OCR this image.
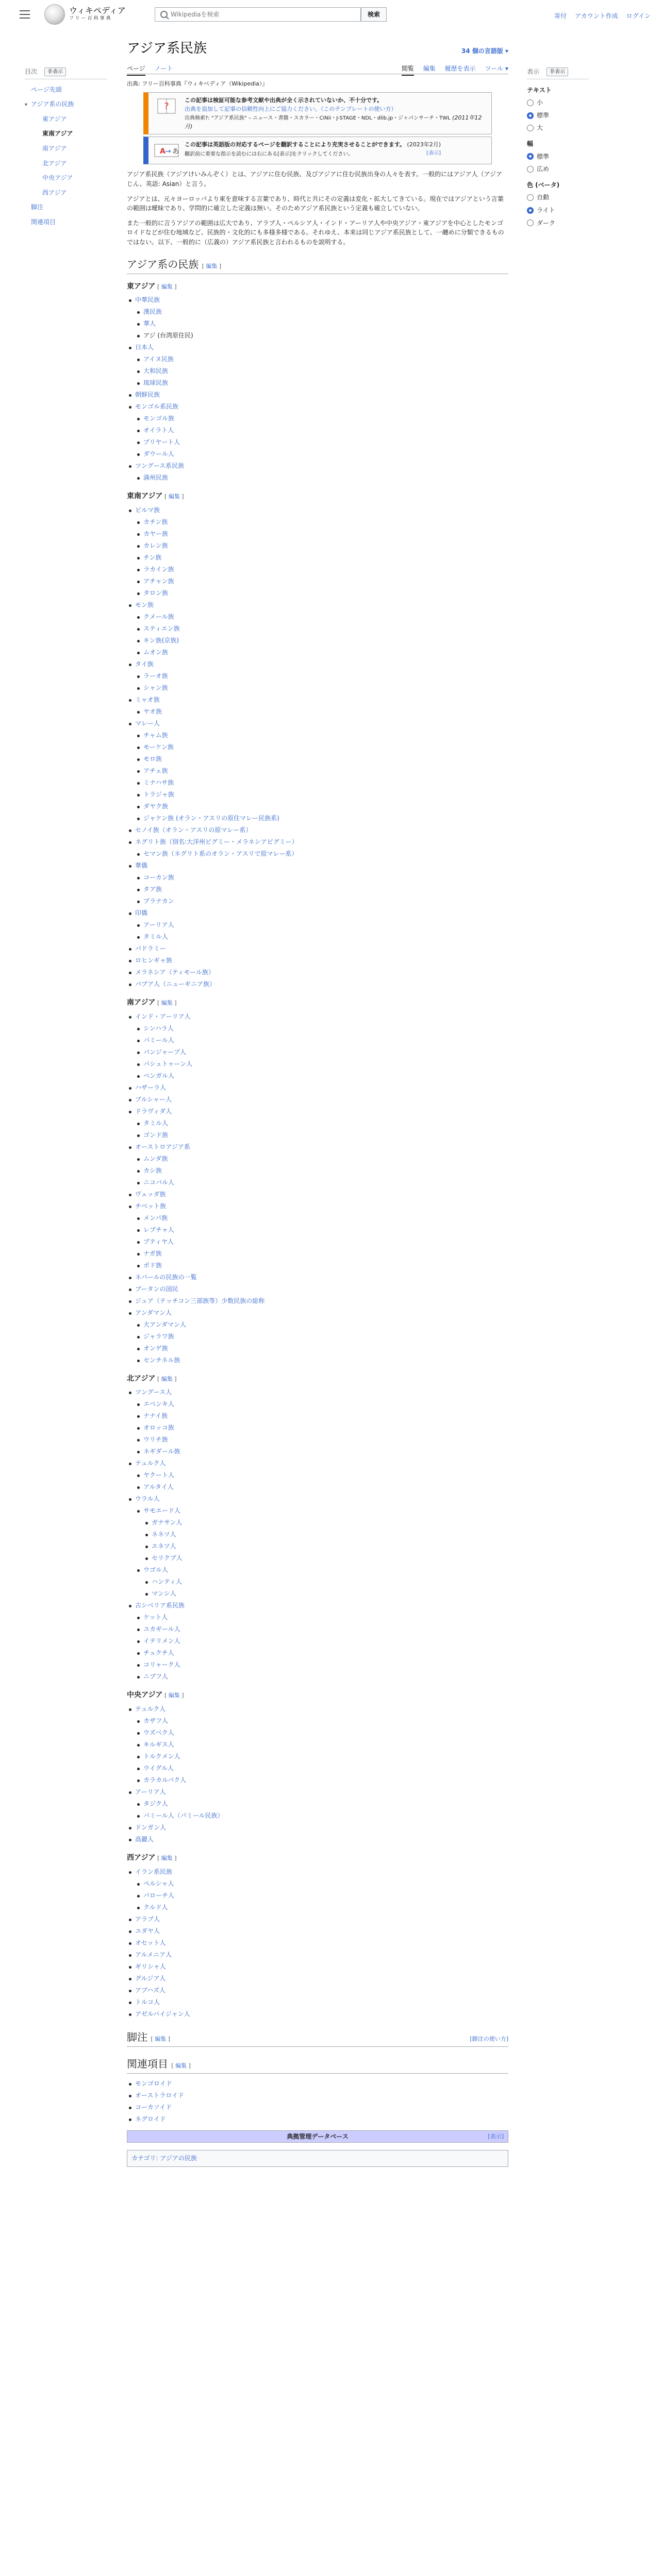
ウィキペディア
フリー百科事典
Wikipediaを検索
検索	寄付 アカウント作成 ログイン
目次	非表示
ページ先頭
▾ アジア系の民族
東アジア
東南アジア
南アジア
北アジア
中央アジア
西アジア
脚注
関連項目
アジア系民族	34 個の言語版 ▾
ページ ノート	閲覧 編集 履歴を表示 ツール ▾
出典: フリー百科事典『ウィキペディア（Wikipedia）』
?
この記事は検証可能な参考文献や出典が全く示されていないか、不十分です。
出典を追加して記事の信頼性向上にご協力ください。（このテンプレートの使い方）
出典検索?: "アジア系民族" – ニュース・書籍・スカラー・CiNii・J-STAGE・NDL・dlib.jp・ジャパンサーチ・TWL (2011年12月)
A → あ
この記事は英語版の対応するページを翻訳することにより充実させることができます。 (2023年2月)
翻訳前に重要な指示を読むには右にある[表示]をクリックしてください。	[表示]

アジア系民族（アジアけいみんぞく）とは、アジアに住む民族、及びアジアに住む民族出身の人々を表す。一般的にはアジア人（アジアじん、英語: Asian）と言う。

アジアとは、元々ヨーロッパより東を意味する言葉であり、時代と共にその定義は変化・拡大してきている。現在ではアジアという言葉の範囲は曖昧であり、学問的に確立した定義は無い。そのためアジア系民族という定義も確立していない。

また一般的に言うアジアの範囲は広大であり、アラブ人・ペルシア人・インド・アーリア人や中央アジア・東アジアを中心としたモンゴロイドなどが住む地域など、民族的・文化的にも多様多様である。それゆえ、本来は同じアジア系民族として、一纏めに分類できるものではない。以下、一般的に（広義の）アジア系民族と言われるものを説明する。

アジア系の民族 [ 編集 ]
東アジア [ 編集 ]
中華民族
漢民族
華人
アジ (台湾原住民)
日本人
アイヌ民族
大和民族
琉球民族
朝鮮民族
モンゴル系民族
モンゴル族
オイラト人
ブリヤート人
ダウール人
ツングース系民族
満州民族
東南アジア [ 編集 ]
ビルマ族
カチン族
カヤー族
カレン族
チン族
ラカイン族
アチャン族
タロン族
モン族
クメール族
スティエン族
キン族(京族)
ムオン族
タイ族
ラーオ族
シャン族
ミャオ族
ヤオ族
マレー人
チャム族
モーケン族
モロ族
アチェ族
ミナハサ族
トラジャ族
ダヤク族
ジャケン族 (オラン・アスリの原住マレー民族系)
セノイ族（オラン・アスリの原マレー系）
ネグリト族（別名:大洋州ピグミー・メラネシアピグミー）
セマン族（ネグリト系のオラン・アスリで原マレー系）
華僑
コーカン族
タア族
プラナカン
印僑
アーリア人
タミル人
パドラミー
ロヒンギャ族
メラネシア（ティモール族）
パプア人（ニューギニア族）
南アジア [ 編集 ]
インド・アーリア人
シンハラ人
パミール人
パンジャーブ人
パシュトゥーン人
ベンガル人
ハザーラ人
ブルシャー人
ドラヴィダ人
タミル人
ゴンド族
オーストロアジア系
ムンダ族
カシ族
ニコバル人
ヴェッダ族
チベット族
メンパ族
レプチャ人
ブティヤ人
ナガ族
ボド族
ネパールの民族の一覧
ブータンの国民
ジュア（テッチコン三部族等）少数民族の総称
アンダマン人
大アンダマン人
ジャラワ族
オンゲ族
センチネル族
北アジア [ 編集 ]
ツングース人
エベンキ人
ナナイ族
オロッコ族
ウリチ族
ネギダール族
テュルク人
ヤクート人
アルタイ人
ウラル人
サモエード人
ガナサン人
ネネツ人
エネツ人
セリクプ人
ウゴル人
ハンティ人
マンシ人
古シベリア系民族
ケット人
ユカギール人
イテリメン人
チュクチ人
コリャーク人
ニブフ人
中央アジア [ 編集 ]
テュルク人
カザフ人
ウズベク人
キルギス人
トルクメン人
ウイグル人
カラカルパク人
アーリア人
タジク人
パミール人（パミール民族）
ドンガン人
高麗人
西アジア [ 編集 ]
イラン系民族
ペルシャ人
バローチ人
クルド人
アラブ人
ユダヤ人
オセット人
アルメニア人
ギリシャ人
グルジア人
アブハズ人
トルコ人
アゼルバイジャン人
脚注 [ 編集 ]	[脚注の使い方]
関連項目 [ 編集 ]
モンゴロイド
オーストラロイド
コーカソイド
ネグロイド
典拠管理データベース	[表示]
カテゴリ: アジアの民族
表示	非表示
テキスト
小
標準
大
幅
標準
広め
色 (ベータ)
自動
ライト
ダーク
